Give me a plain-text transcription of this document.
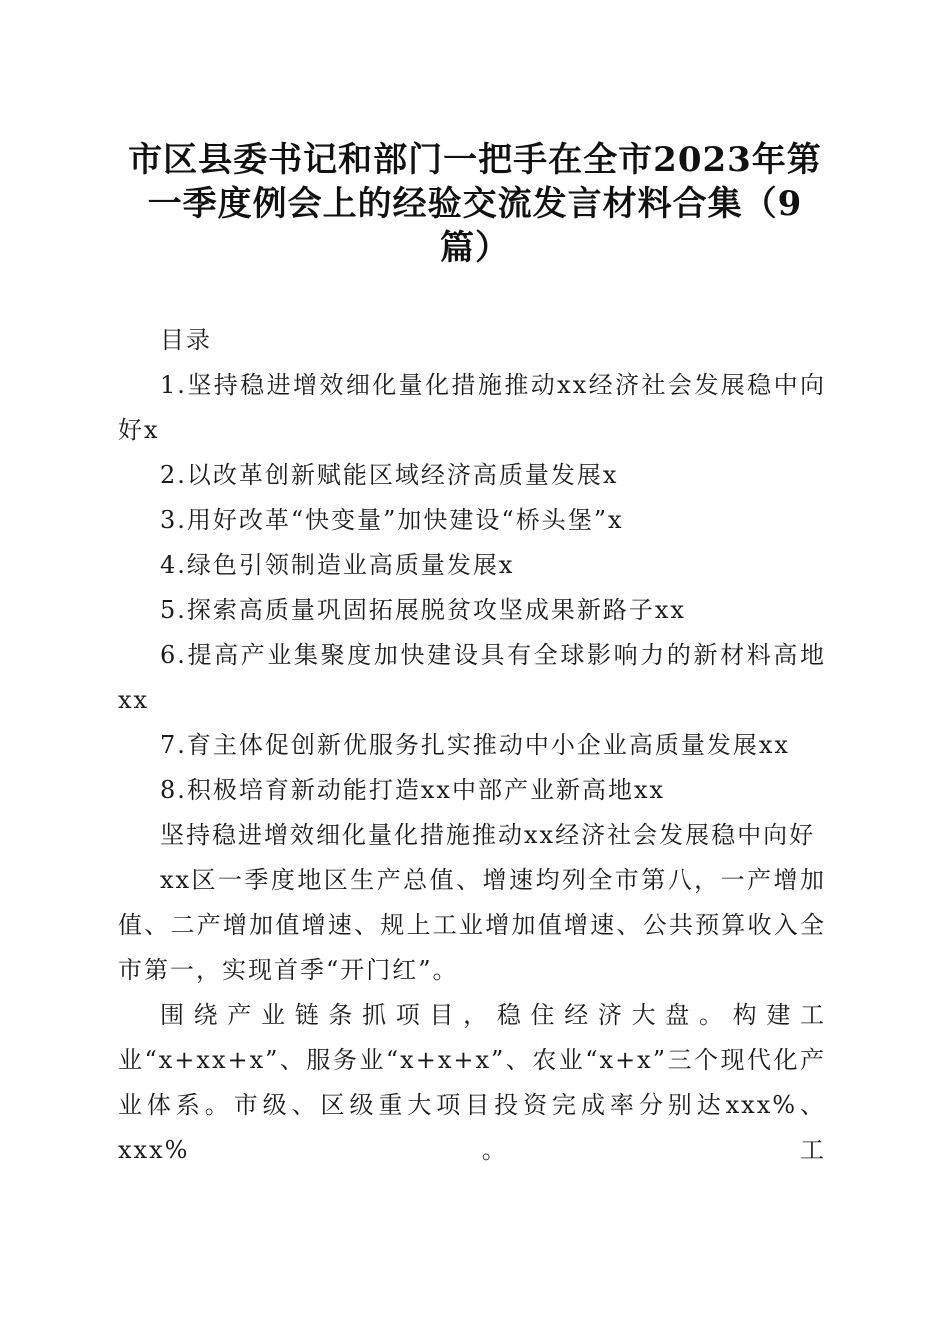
市区县委书记和部门一把手在全市2023年第
一季度例会上的经验交流发言材料合集（9
篇）

目录

1.坚持稳进增效细化量化措施推动xx经济社会发展稳中向好x

2.以改革创新赋能区域经济高质量发展x

3.用好改革“快变量”加快建设“桥头堡”x

4.绿色引领制造业高质量发展x

5.探索高质量巩固拓展脱贫攻坚成果新路子xx

6.提高产业集聚度加快建设具有全球影响力的新材料高地xx

7.育主体促创新优服务扎实推动中小企业高质量发展xx

8.积极培育新动能打造xx中部产业新高地xx

坚持稳进增效细化量化措施推动xx经济社会发展稳中向好

xx区一季度地区生产总值、增速均列全市第八，一产增加值、二产增加值增速、规上工业增加值增速、公共预算收入全市第一，实现首季“开门红”。

围绕产业链条抓项目，稳住经济大盘。构建工业“x+xx+x”、服务业“x+x+x”、农业“x+x”三个现代化产业体系。市级、区级重大项目投资完成率分别达xxx%、xxx%。工
